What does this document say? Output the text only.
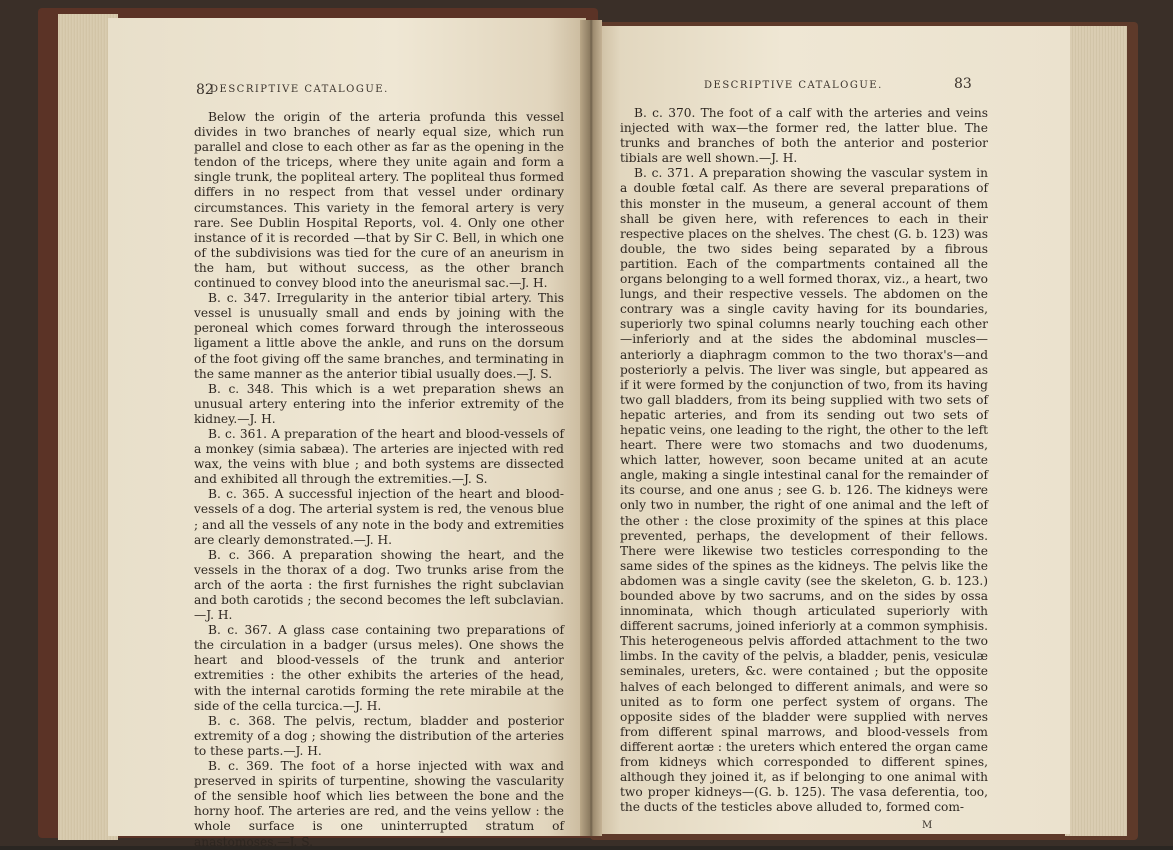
82
DESCRIPTIVE CATALOGUE.

Below the origin of the arteria profunda this vessel divides in two branches of nearly equal size, which run parallel and close to each other as far as the opening in the tendon of the triceps, where they unite again and form a single trunk, the popliteal artery. The popliteal thus formed differs in no respect from that vessel under ordinary circumstances. This variety in the femoral artery is very rare. See Dublin Hospital Reports, vol. 4. Only one other instance of it is recorded —that by Sir C. Bell, in which one of the subdivisions was tied for the cure of an aneurism in the ham, but without success, as the other branch continued to convey blood into the aneurismal sac.—J. H.

B. c. 347. Irregularity in the anterior tibial artery. This vessel is unusually small and ends by joining with the peroneal which comes forward through the interosseous ligament a little above the ankle, and runs on the dorsum of the foot giving off the same branches, and terminating in the same manner as the anterior tibial usually does.—J. S.

B. c. 348. This which is a wet preparation shews an unusual artery entering into the inferior extremity of the kidney.—J. H.

B. c. 361. A preparation of the heart and blood-vessels of a monkey (simia sabæa). The arteries are injected with red wax, the veins with blue ; and both systems are dissected and exhibited all through the extremities.—J. S.

B. c. 365. A successful injection of the heart and blood-vessels of a dog. The arterial system is red, the venous blue ; and all the vessels of any note in the body and extremities are clearly demonstrated.—J. H.

B. c. 366. A preparation showing the heart, and the vessels in the thorax of a dog. Two trunks arise from the arch of the aorta : the first furnishes the right subclavian and both carotids ; the second becomes the left subclavian.—J. H.

B. c. 367. A glass case containing two preparations of the circulation in a badger (ursus meles). One shows the heart and blood-vessels of the trunk and anterior extremities : the other exhibits the arteries of the head, with the internal carotids forming the rete mirabile at the side of the cella turcica.—J. H.

B. c. 368. The pelvis, rectum, bladder and posterior extremity of a dog ; showing the distribution of the arteries to these parts.—J. H.

B. c. 369. The foot of a horse injected with wax and preserved in spirits of turpentine, showing the vascularity of the sensible hoof which lies between the bone and the horny hoof. The arteries are red, and the veins yellow : the whole surface is one uninterrupted stratum of anastomoses.—J. S.

DESCRIPTIVE CATALOGUE.	83

B. c. 370. The foot of a calf with the arteries and veins injected with wax—the former red, the latter blue. The trunks and branches of both the anterior and posterior tibials are well shown.—J. H.

B. c. 371. A preparation showing the vascular system in a double fœtal calf. As there are several preparations of this monster in the museum, a general account of them shall be given here, with references to each in their respective places on the shelves. The chest (G. b. 123) was double, the two sides being separated by a fibrous partition. Each of the compartments contained all the organs belonging to a well formed thorax, viz., a heart, two lungs, and their respective vessels. The abdomen on the contrary was a single cavity having for its boundaries, superiorly two spinal columns nearly touching each other—inferiorly and at the sides the abdominal muscles—anteriorly a diaphragm common to the two thorax's—and posteriorly a pelvis. The liver was single, but appeared as if it were formed by the conjunction of two, from its having two gall bladders, from its being supplied with two sets of hepatic arteries, and from its sending out two sets of hepatic veins, one leading to the right, the other to the left heart. There were two stomachs and two duodenums, which latter, however, soon became united at an acute angle, making a single intestinal canal for the remainder of its course, and one anus ; see G. b. 126. The kidneys were only two in number, the right of one animal and the left of the other : the close proximity of the spines at this place prevented, perhaps, the development of their fellows. There were likewise two testicles corresponding to the same sides of the spines as the kidneys. The pelvis like the abdomen was a single cavity (see the skeleton, G. b. 123.) bounded above by two sacrums, and on the sides by ossa innominata, which though articulated superiorly with different sacrums, joined inferiorly at a common symphisis. This heterogeneous pelvis afforded attachment to the two limbs. In the cavity of the pelvis, a bladder, penis, vesiculæ seminales, ureters, &c. were contained ; but the opposite halves of each belonged to different animals, and were so united as to form one perfect system of organs. The opposite sides of the bladder were supplied with nerves from different spinal marrows, and blood-vessels from different aortæ : the ureters which entered the organ came from kidneys which corresponded to different spines, although they joined it, as if belonging to one animal with two proper kidneys—(G. b. 125). The vasa deferentia, too, the ducts of the testicles above alluded to, formed com-

M
